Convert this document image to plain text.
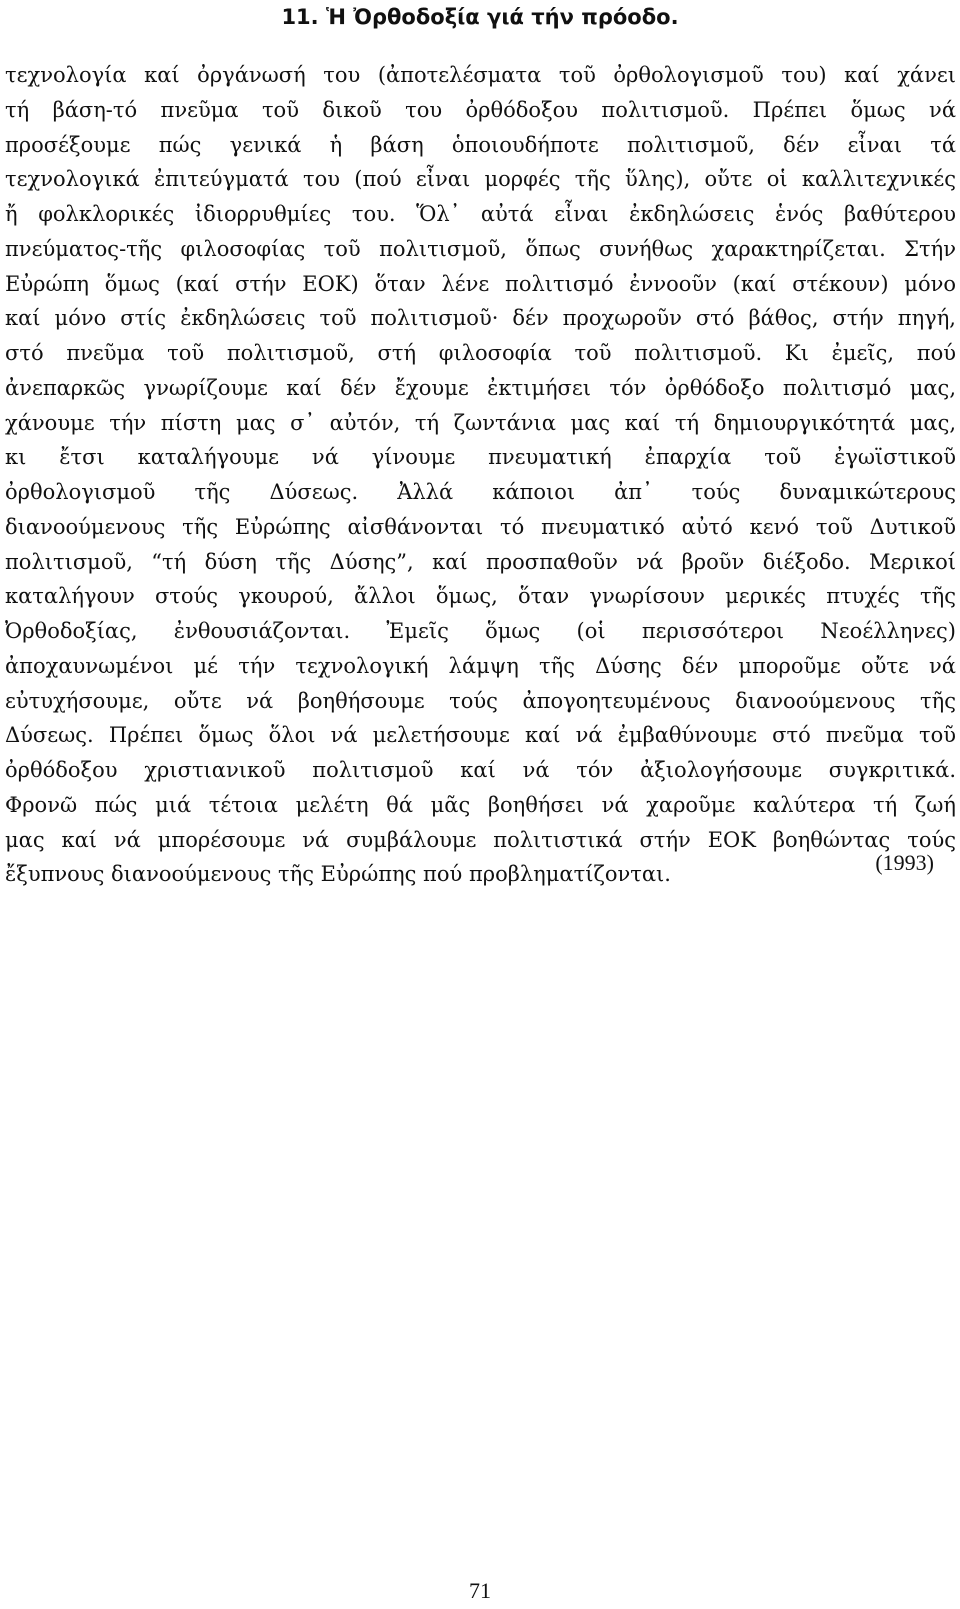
11. Ἡ Ὀρθοδοξία γιά τήν πρόοδο.
τεχνολογία καί ὀργάνωσή του (ἀποτελέσματα τοῦ ὀρθολογισμοῦ του) καί χάνει
τή βάση-τό πνεῦμα τοῦ δικοῦ του ὀρθόδοξου πολιτισμοῦ. Πρέπει ὅμως νά
προσέξουμε πώς γενικά ἡ βάση ὁποιουδήποτε πολιτισμοῦ, δέν εἶναι τά
τεχνολογικά ἐπιτεύγματά του (πού εἶναι μορφές τῆς ὕλης), οὔτε οἱ καλλιτεχνικές
ἤ φολκλορικές ἰδιορρυθμίες του. Ὅλ᾿ αὐτά εἶναι ἐκδηλώσεις ἑνός βαθύτερου
πνεύματος-τῆς φιλοσοφίας τοῦ πολιτισμοῦ, ὅπως συνήθως χαρακτηρίζεται. Στήν
Εὐρώπη ὅμως (καί στήν ΕΟΚ) ὅταν λένε πολιτισμό ἐννοοῦν (καί στέκουν) μόνο
καί μόνο στίς ἐκδηλώσεις τοῦ πολιτισμοῦ· δέν προχωροῦν στό βάθος, στήν πηγή,
στό πνεῦμα τοῦ πολιτισμοῦ, στή φιλοσοφία τοῦ πολιτισμοῦ. Κι ἐμεῖς, πού
ἀνεπαρκῶς γνωρίζουμε καί δέν ἔχουμε ἐκτιμήσει τόν ὀρθόδοξο πολιτισμό μας,
χάνουμε τήν πίστη μας σ᾿ αὐτόν, τή ζωντάνια μας καί τή δημιουργικότητά μας,
κι ἔτσι καταλήγουμε νά γίνουμε πνευματική ἐπαρχία τοῦ ἐγωϊστικοῦ
ὀρθολογισμοῦ τῆς Δύσεως. Ἀλλά κάποιοι ἀπ᾿ τούς δυναμικώτερους
διανοούμενους τῆς Εὐρώπης αἰσθάνονται τό πνευματικό αὐτό κενό τοῦ Δυτικοῦ
πολιτισμοῦ, “τή δύση τῆς Δύσης”, καί προσπαθοῦν νά βροῦν διέξοδο. Μερικοί
καταλήγουν στούς γκουρού, ἄλλοι ὅμως, ὅταν γνωρίσουν μερικές πτυχές τῆς
Ὀρθοδοξίας, ἐνθουσιάζονται. Ἐμεῖς ὅμως (οἱ περισσότεροι Νεοέλληνες)
ἀποχαυνωμένοι μέ τήν τεχνολογική λάμψη τῆς Δύσης δέν μποροῦμε οὔτε νά
εὐτυχήσουμε, οὔτε νά βοηθήσουμε τούς ἀπογοητευμένους διανοούμενους τῆς
Δύσεως. Πρέπει ὅμως ὅλοι νά μελετήσουμε καί νά ἐμβαθύνουμε στό πνεῦμα τοῦ
ὀρθόδοξου χριστιανικοῦ πολιτισμοῦ καί νά τόν ἀξιολογήσουμε συγκριτικά.
Φρονῶ πώς μιά τέτοια μελέτη θά μᾶς βοηθήσει νά χαροῦμε καλύτερα τή ζωή
μας καί νά μπορέσουμε νά συμβάλουμε πολιτιστικά στήν ΕΟΚ βοηθώντας τούς
ἔξυπνους διανοούμενους τῆς Εὐρώπης πού προβληματίζονται.	(1993)
71
